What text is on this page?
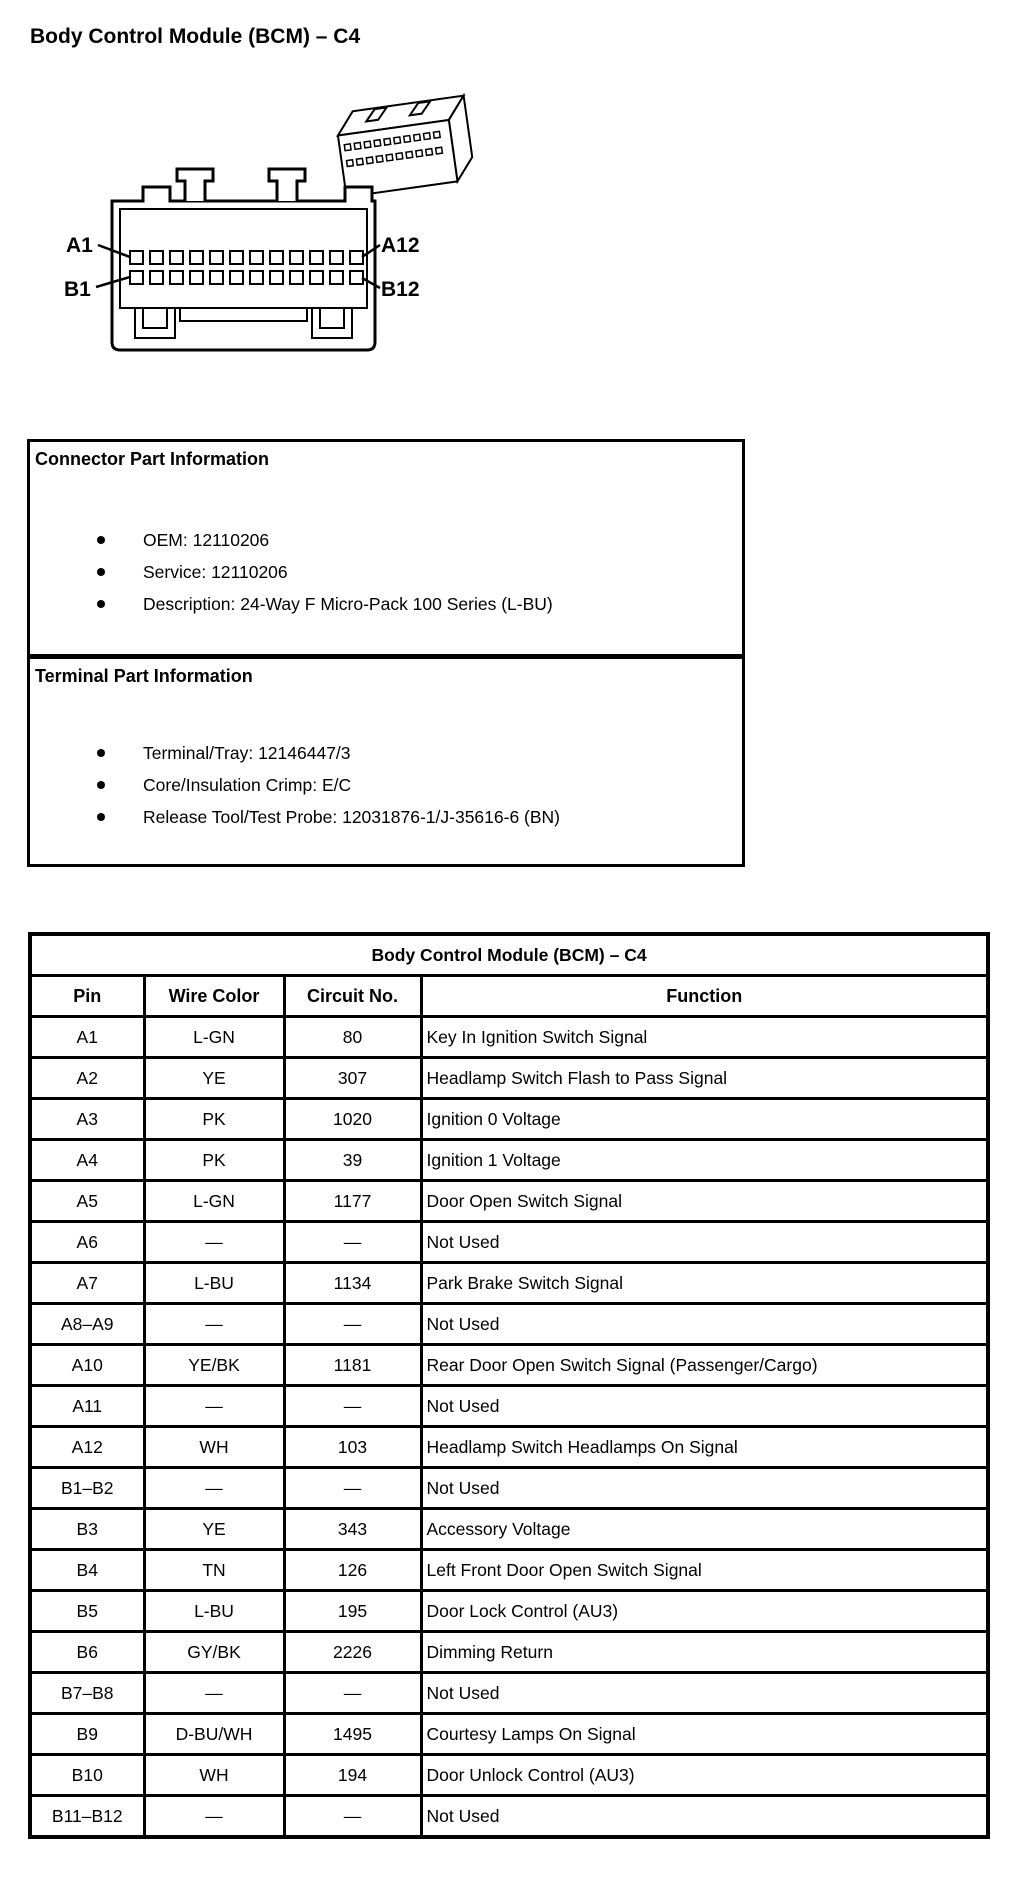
Body Control Module (BCM) – C4
A1	A12
B1	B12
Connector Part Information
OEM: 12110206
Service: 12110206
Description: 24-Way F Micro-Pack 100 Series (L-BU)
Terminal Part Information
Terminal/Tray: 12146447/3
Core/Insulation Crimp: E/C
Release Tool/Test Probe: 12031876-1/J-35616-6 (BN)
Body Control Module (BCM) – C4			
Pin	Wire Color	Circuit No.	Function
A1	L-GN	80	Key In Ignition Switch Signal
A2	YE	307	Headlamp Switch Flash to Pass Signal
A3	PK	1020	Ignition 0 Voltage
A4	PK	39	Ignition 1 Voltage
A5	L-GN	1177	Door Open Switch Signal
A6	—	—	Not Used
A7	L-BU	1134	Park Brake Switch Signal
A8–A9	—	—	Not Used
A10	YE/BK	1181	Rear Door Open Switch Signal (Passenger/Cargo)
A11	—	—	Not Used
A12	WH	103	Headlamp Switch Headlamps On Signal
B1–B2	—	—	Not Used
B3	YE	343	Accessory Voltage
B4	TN	126	Left Front Door Open Switch Signal
B5	L-BU	195	Door Lock Control (AU3)
B6	GY/BK	2226	Dimming Return
B7–B8	—	—	Not Used
B9	D-BU/WH	1495	Courtesy Lamps On Signal
B10	WH	194	Door Unlock Control (AU3)
B11–B12	—	—	Not Used
